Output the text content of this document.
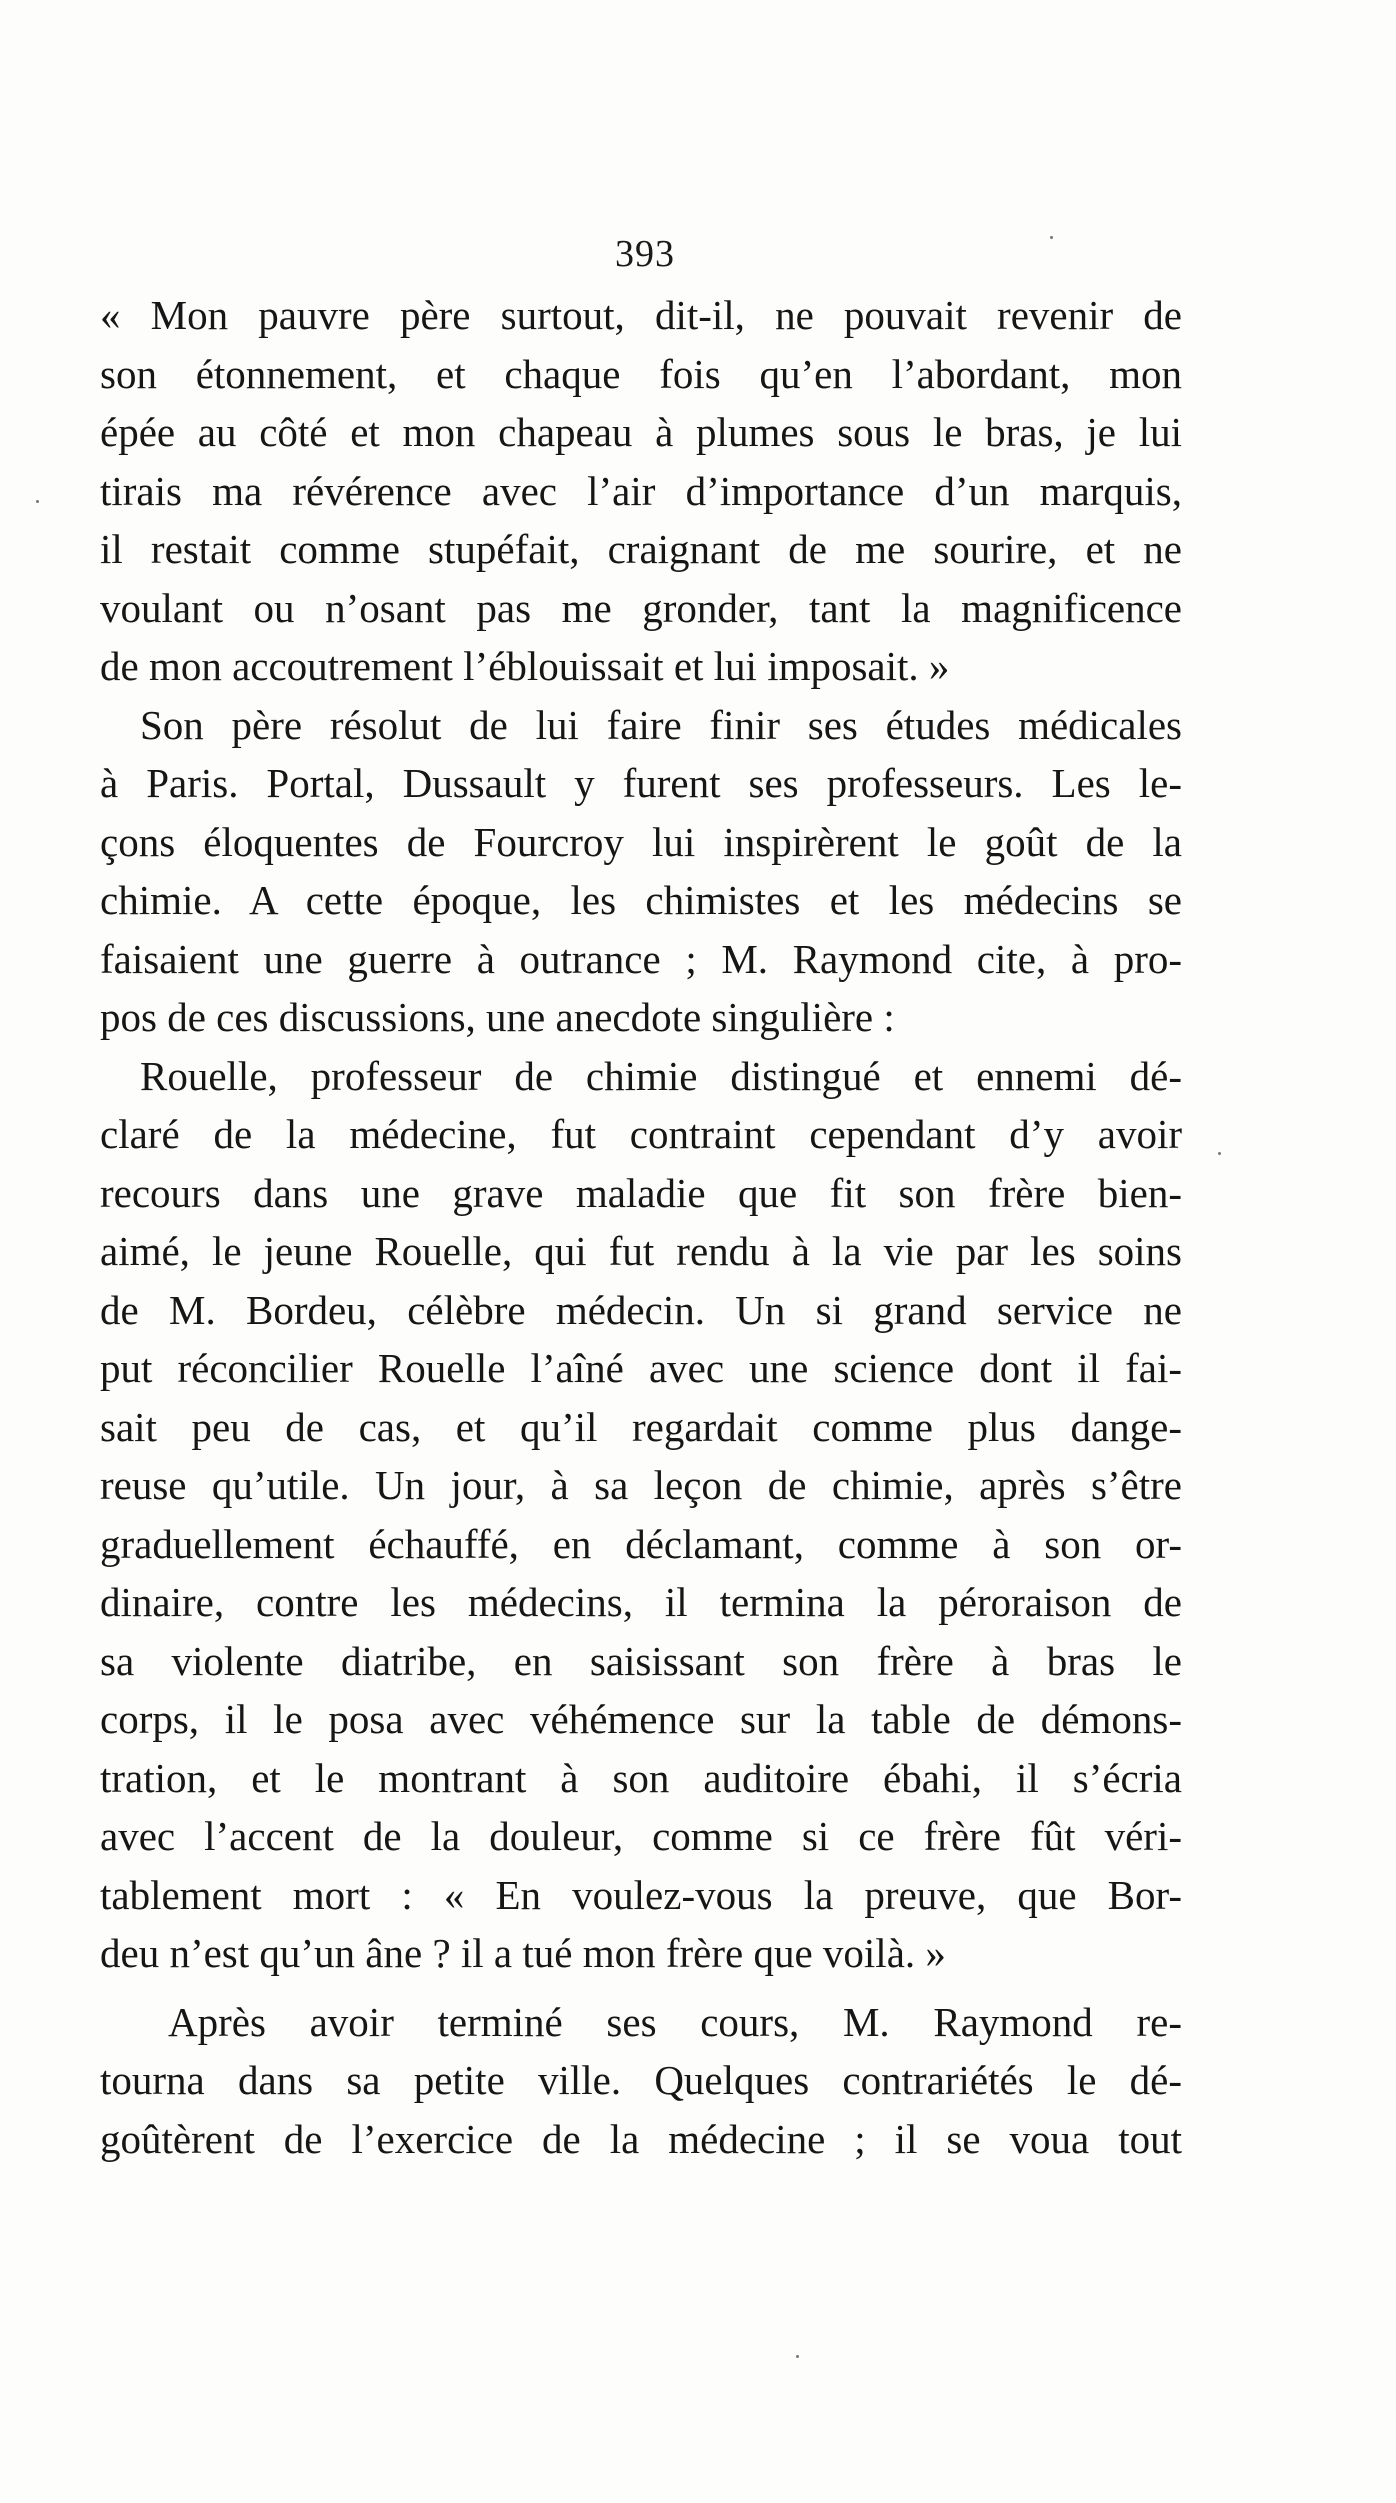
393
« Mon pauvre père surtout, dit-il, ne pouvait revenir de
son étonnement, et chaque fois qu’en l’abordant, mon
épée au côté et mon chapeau à plumes sous le bras, je lui
tirais ma révérence avec l’air d’importance d’un marquis,
il restait comme stupéfait, craignant de me sourire, et ne
voulant ou n’osant pas me gronder, tant la magnificence
de mon accoutrement l’éblouissait et lui imposait. »
Son père résolut de lui faire finir ses études médicales
à Paris. Portal, Dussault y furent ses professeurs. Les le-
çons éloquentes de Fourcroy lui inspirèrent le goût de la
chimie. A cette époque, les chimistes et les médecins se
faisaient une guerre à outrance ; M. Raymond cite, à pro-
pos de ces discussions, une anecdote singulière :
Rouelle, professeur de chimie distingué et ennemi dé-
claré de la médecine, fut contraint cependant d’y avoir
recours dans une grave maladie que fit son frère bien-
aimé, le jeune Rouelle, qui fut rendu à la vie par les soins
de M. Bordeu, célèbre médecin. Un si grand service ne
put réconcilier Rouelle l’aîné avec une science dont il fai-
sait peu de cas, et qu’il regardait comme plus dange-
reuse qu’utile. Un jour, à sa leçon de chimie, après s’être
graduellement échauffé, en déclamant, comme à son or-
dinaire, contre les médecins, il termina la péroraison de
sa violente diatribe, en saisissant son frère à bras le
corps, il le posa avec véhémence sur la table de démons-
tration, et le montrant à son auditoire ébahi, il s’écria
avec l’accent de la douleur, comme si ce frère fût véri-
tablement mort : « En voulez-vous la preuve, que Bor-
deu n’est qu’un âne ? il a tué mon frère que voilà. »
Après avoir terminé ses cours, M. Raymond re-
tourna dans sa petite ville. Quelques contrariétés le dé-
goûtèrent de l’exercice de la médecine ; il se voua tout
